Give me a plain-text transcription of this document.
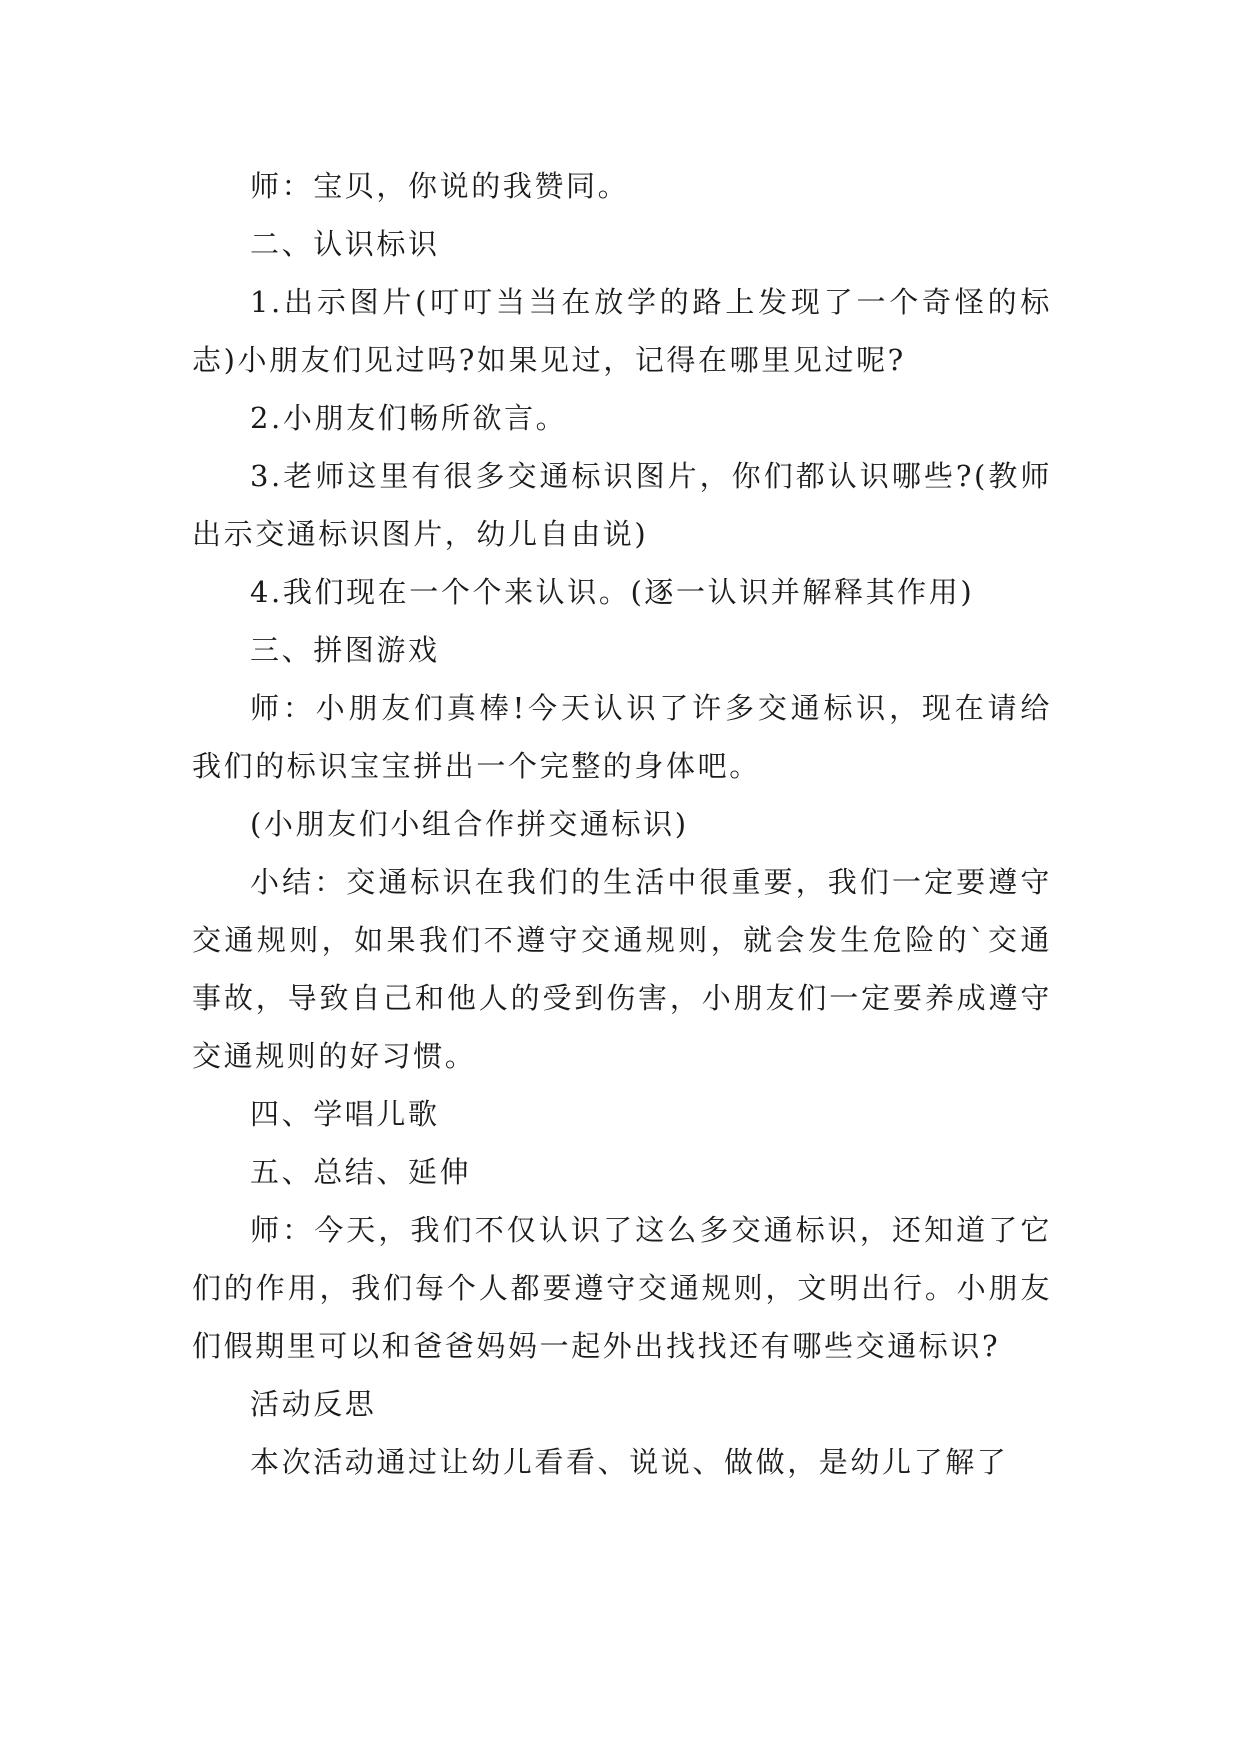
师：宝贝，你说的我赞同。

二、认识标识

1.出示图片(叮叮当当在放学的路上发现了一个奇怪的标志)小朋友们见过吗?如果见过，记得在哪里见过呢?

2.小朋友们畅所欲言。

3.老师这里有很多交通标识图片，你们都认识哪些?(教师出示交通标识图片，幼儿自由说)

4.我们现在一个个来认识。(逐一认识并解释其作用)

三、拼图游戏

师：小朋友们真棒!今天认识了许多交通标识，现在请给我们的标识宝宝拼出一个完整的身体吧。

(小朋友们小组合作拼交通标识)

小结：交通标识在我们的生活中很重要，我们一定要遵守交通规则，如果我们不遵守交通规则，就会发生危险的`交通事故，导致自己和他人的受到伤害，小朋友们一定要养成遵守交通规则的好习惯。

四、学唱儿歌

五、总结、延伸

师：今天，我们不仅认识了这么多交通标识，还知道了它们的作用，我们每个人都要遵守交通规则，文明出行。小朋友们假期里可以和爸爸妈妈一起外出找找还有哪些交通标识?

活动反思

本次活动通过让幼儿看看、说说、做做，是幼儿了解了
